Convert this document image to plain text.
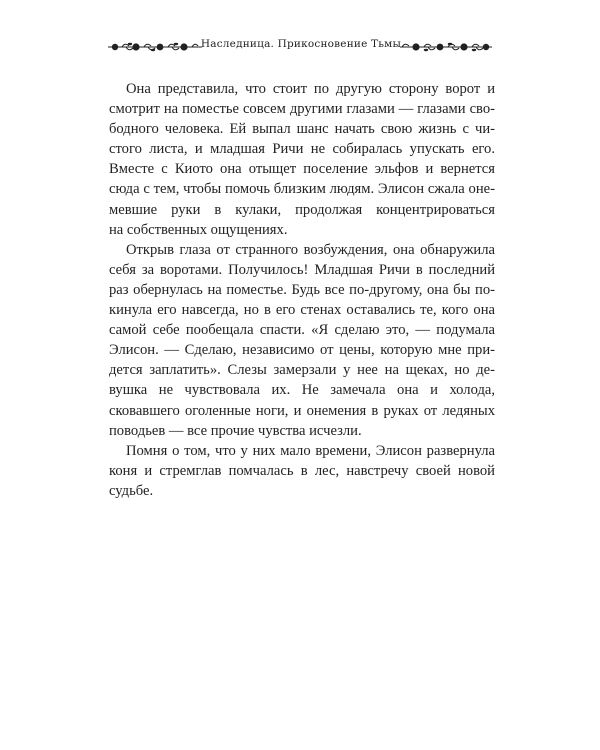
Наследница. Прикосновение Тьмы
Она представила, что стоит по другую сторону ворот и
смотрит на поместье совсем другими глазами — глазами сво-
бодного человека. Ей выпал шанс начать свою жизнь с чи-
стого листа, и младшая Ричи не собиралась упускать его.
Вместе с Киото она отыщет поселение эльфов и вернется
сюда с тем, чтобы помочь близким людям. Элисон сжала оне-
мевшие руки в кулаки, продолжая концентрироваться
на собственных ощущениях.
Открыв глаза от странного возбуждения, она обнаружила
себя за воротами. Получилось! Младшая Ричи в последний
раз обернулась на поместье. Будь все по-другому, она бы по-
кинула его навсегда, но в его стенах оставались те, кого она
самой себе пообещала спасти. «Я сделаю это, — подумала
Элисон. — Сделаю, независимо от цены, которую мне при-
дется заплатить». Слезы замерзали у нее на щеках, но де-
вушка не чувствовала их. Не замечала она и холода,
сковавшего оголенные ноги, и онемения в руках от ледяных
поводьев — все прочие чувства исчезли.
Помня о том, что у них мало времени, Элисон развернула
коня и стремглав помчалась в лес, навстречу своей новой
судьбе.
